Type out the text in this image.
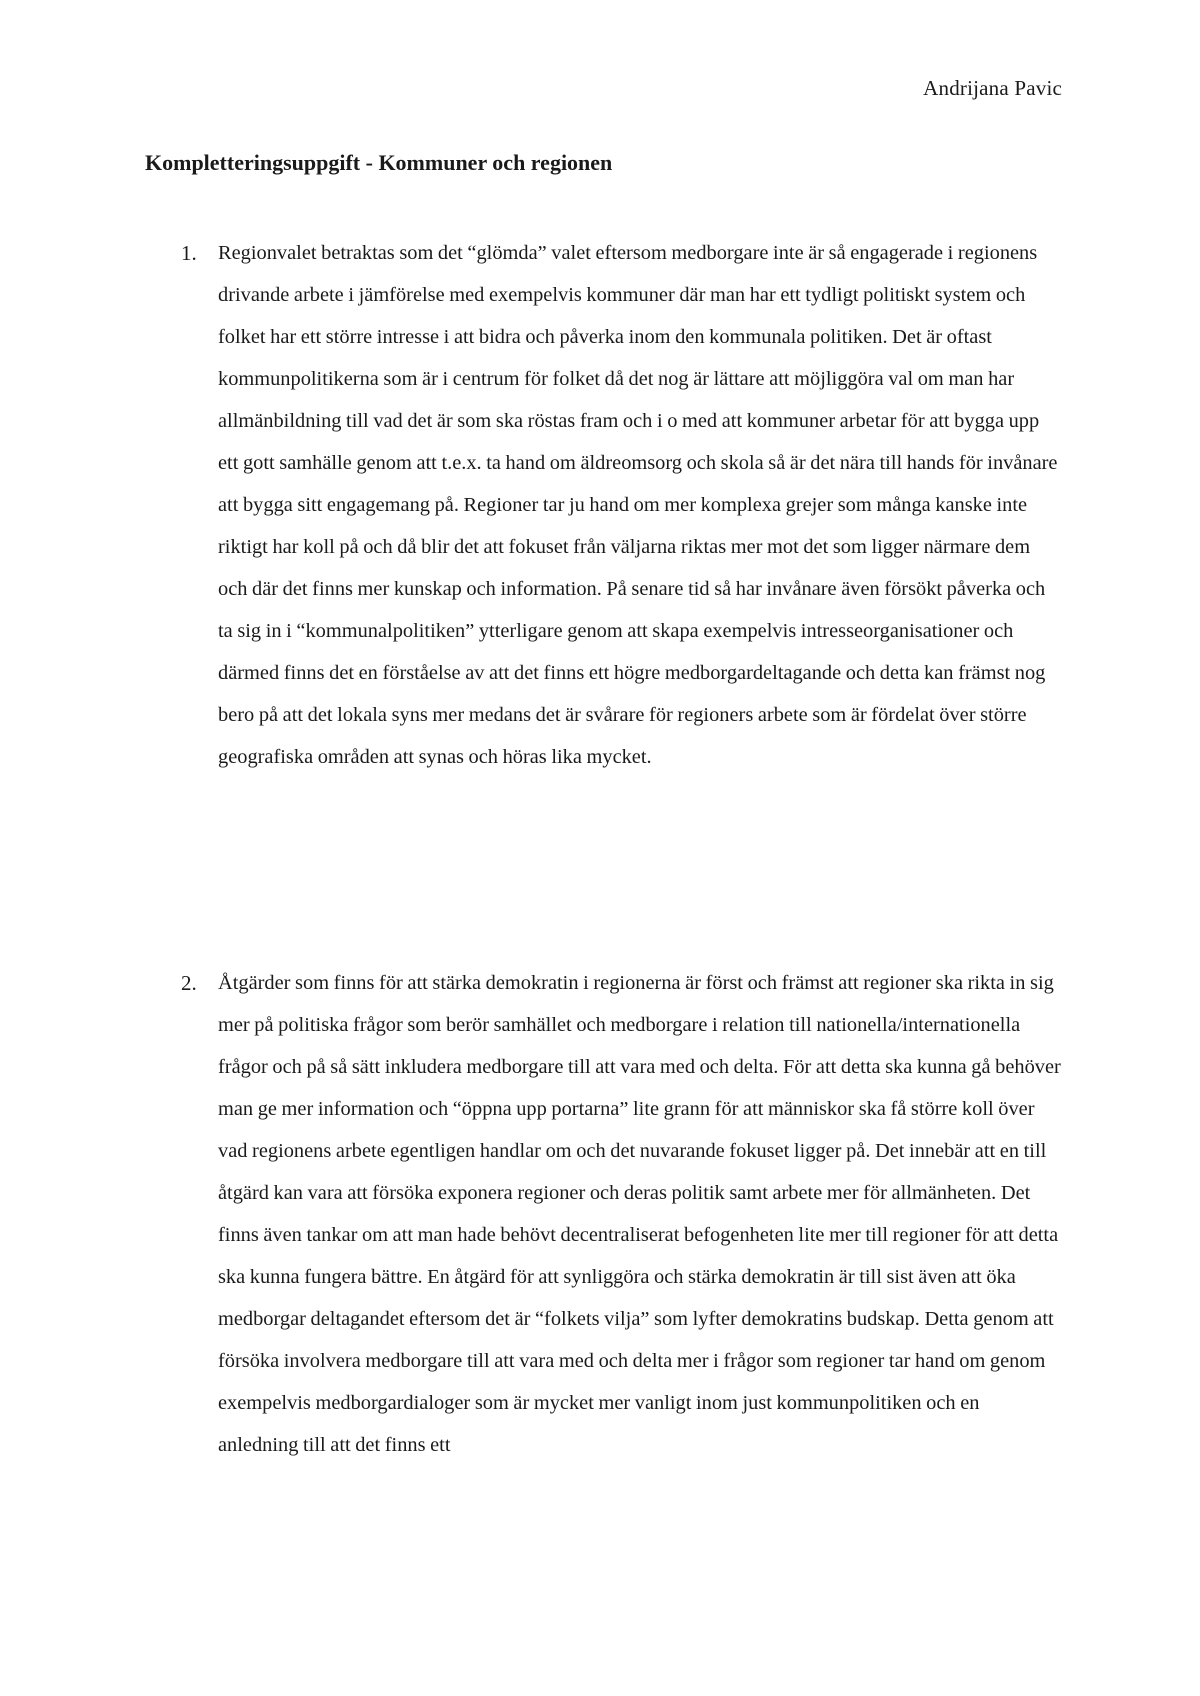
Andrijana Pavic
Kompletteringsuppgift - Kommuner och regionen
1. Regionvalet betraktas som det “glömda” valet eftersom medborgare inte är så engagerade i regionens drivande arbete i jämförelse med exempelvis kommuner där man har ett tydligt politiskt system och folket har ett större intresse i att bidra och påverka inom den kommunala politiken. Det är oftast kommunpolitikerna som är i centrum för folket då det nog är lättare att möjliggöra val om man har allmänbildning till vad det är som ska röstas fram och i o med att kommuner arbetar för att bygga upp ett gott samhälle genom att t.e.x. ta hand om äldreomsorg och skola så är det nära till hands för invånare att bygga sitt engagemang på. Regioner tar ju hand om mer komplexa grejer som många kanske inte riktigt har koll på och då blir det att fokuset från väljarna riktas mer mot det som ligger närmare dem och där det finns mer kunskap och information. På senare tid så har invånare även försökt påverka och ta sig in i “kommunalpolitiken” ytterligare genom att skapa exempelvis intresseorganisationer och därmed finns det en förståelse av att det finns ett högre medborgardeltagande och detta kan främst nog bero på att det lokala syns mer medans det är svårare för regioners arbete som är fördelat över större geografiska områden att synas och höras lika mycket.

2. Åtgärder som finns för att stärka demokratin i regionerna är först och främst att regioner ska rikta in sig mer på politiska frågor som berör samhället och medborgare i relation till nationella/internationella frågor och på så sätt inkludera medborgare till att vara med och delta. För att detta ska kunna gå behöver man ge mer information och “öppna upp portarna” lite grann för att människor ska få större koll över vad regionens arbete egentligen handlar om och det nuvarande fokuset ligger på. Det innebär att en till åtgärd kan vara att försöka exponera regioner och deras politik samt arbete mer för allmänheten. Det finns även tankar om att man hade behövt decentraliserat befogenheten lite mer till regioner för att detta ska kunna fungera bättre. En åtgärd för att synliggöra och stärka demokratin är till sist även att öka medborgar deltagandet eftersom det är “folkets vilja” som lyfter demokratins budskap. Detta genom att försöka involvera medborgare till att vara med och delta mer i frågor som regioner tar hand om genom exempelvis medborgardialoger som är mycket mer vanligt inom just kommunpolitiken och en anledning till att det finns ett
